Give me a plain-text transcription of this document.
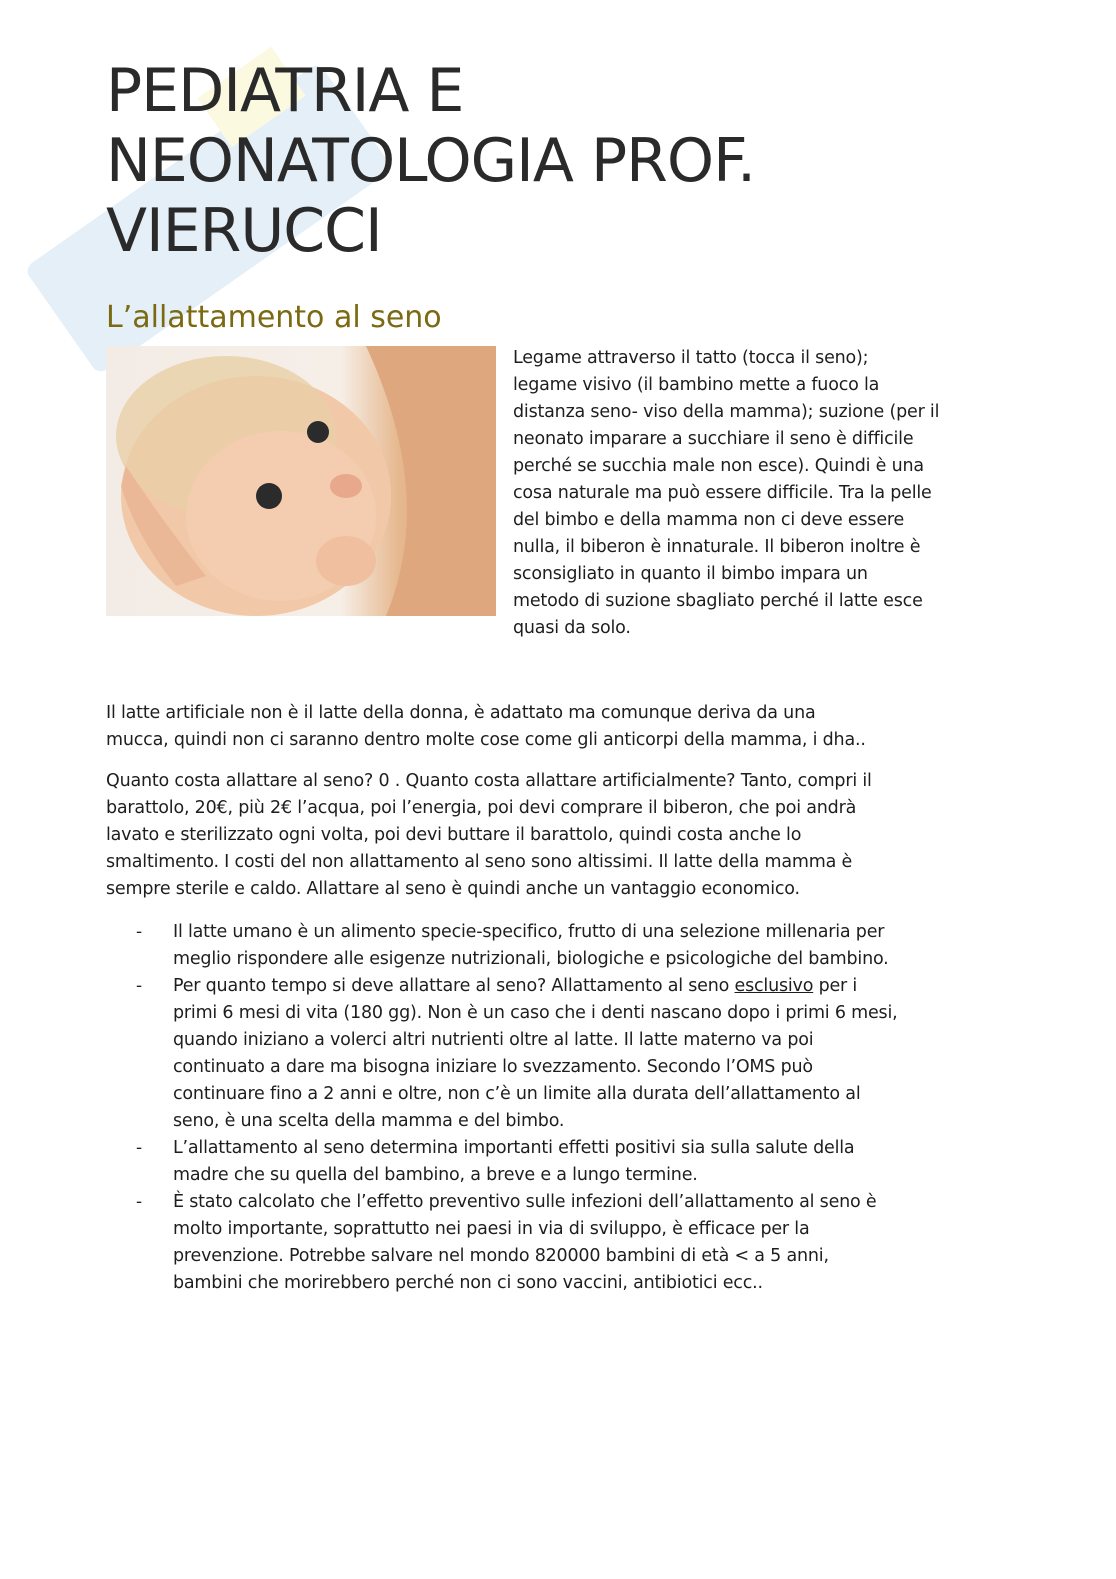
PEDIATRIA E
NEONATOLOGIA PROF.
VIERUCCI
L’allattamento al seno
Legame attraverso il tatto (tocca il seno);
legame visivo (il bambino mette a fuoco la
distanza seno- viso della mamma); suzione (per il
neonato imparare a succhiare il seno è difficile
perché se succhia male non esce). Quindi è una
cosa naturale ma può essere difficile. Tra la pelle
del bimbo e della mamma non ci deve essere
nulla, il biberon è innaturale. Il biberon inoltre è
sconsigliato in quanto il bimbo impara un
metodo di suzione sbagliato perché il latte esce
quasi da solo.
Il latte artificiale non è il latte della donna, è adattato ma comunque deriva da una
mucca, quindi non ci saranno dentro molte cose come gli anticorpi della mamma, i dha..
Quanto costa allattare al seno? 0 . Quanto costa allattare artificialmente? Tanto, compri il
barattolo, 20€, più 2€ l’acqua, poi l’energia, poi devi comprare il biberon, che poi andrà
lavato e sterilizzato ogni volta, poi devi buttare il barattolo, quindi costa anche lo
smaltimento. I costi del non allattamento al seno sono altissimi. Il latte della mamma è
sempre sterile e caldo. Allattare al seno è quindi anche un vantaggio economico.
- Il latte umano è un alimento specie-specifico, frutto di una selezione millenaria per
meglio rispondere alle esigenze nutrizionali, biologiche e psicologiche del bambino.
- Per quanto tempo si deve allattare al seno? Allattamento al seno esclusivo per i
primi 6 mesi di vita (180 gg). Non è un caso che i denti nascano dopo i primi 6 mesi,
quando iniziano a volerci altri nutrienti oltre al latte. Il latte materno va poi
continuato a dare ma bisogna iniziare lo svezzamento. Secondo l’OMS può
continuare fino a 2 anni e oltre, non c’è un limite alla durata dell’allattamento al
seno, è una scelta della mamma e del bimbo.
- L’allattamento al seno determina importanti effetti positivi sia sulla salute della
madre che su quella del bambino, a breve e a lungo termine.
- È stato calcolato che l’effetto preventivo sulle infezioni dell’allattamento al seno è
molto importante, soprattutto nei paesi in via di sviluppo, è efficace per la
prevenzione. Potrebbe salvare nel mondo 820000 bambini di età < a 5 anni,
bambini che morirebbero perché non ci sono vaccini, antibiotici ecc..
